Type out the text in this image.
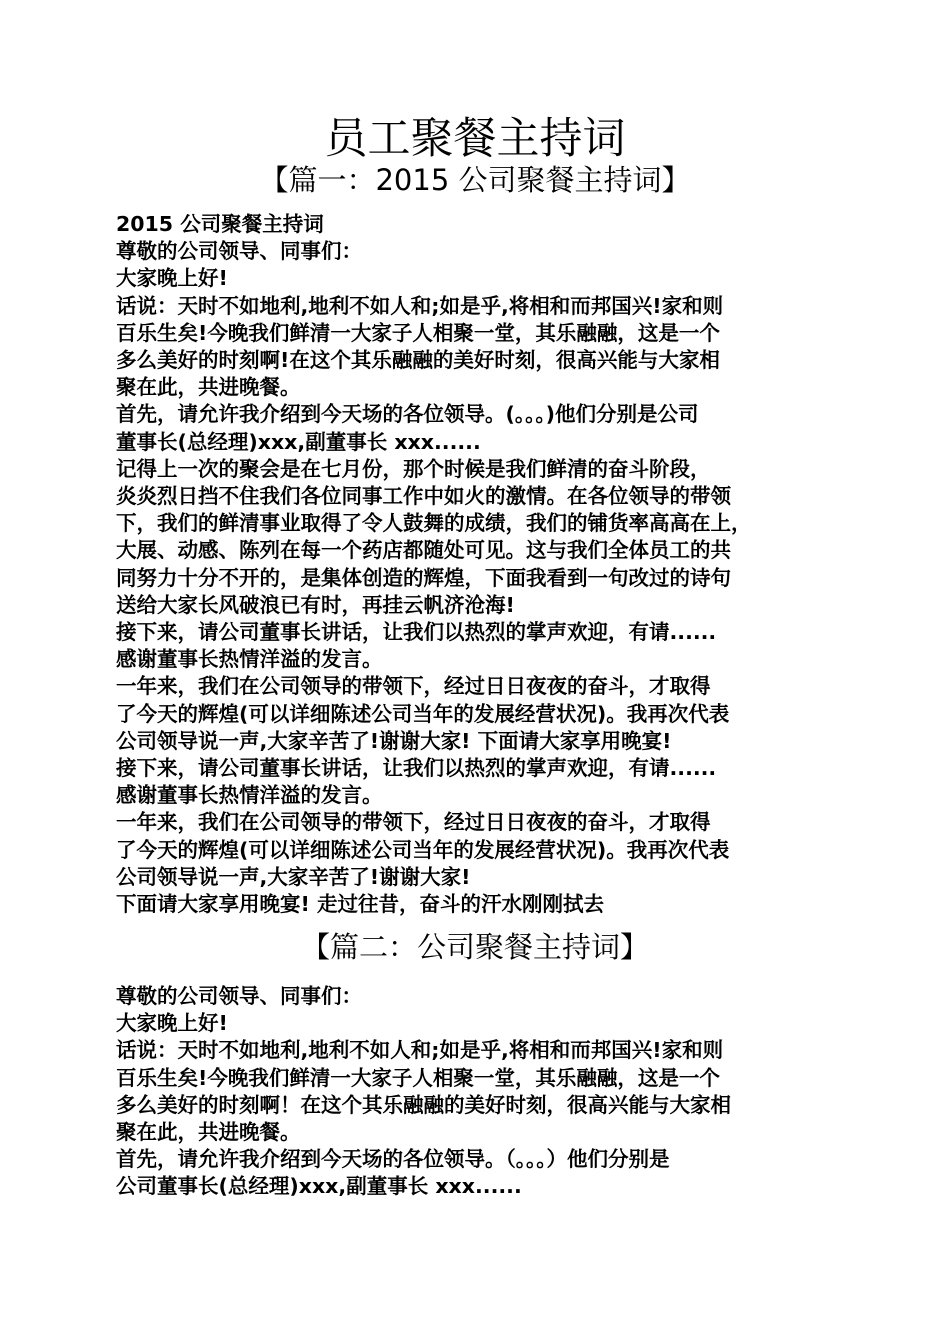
员工聚餐主持词
【篇一：2015 公司聚餐主持词】
2015 公司聚餐主持词
尊敬的公司领导、同事们：
大家晚上好!
话说：天时不如地利,地利不如人和;如是乎,将相和而邦国兴!家和则
百乐生矣!今晚我们鲜清一大家子人相聚一堂，其乐融融，这是一个
多么美好的时刻啊!在这个其乐融融的美好时刻，很高兴能与大家相
聚在此，共进晚餐。
首先，请允许我介绍到今天场的各位领导。(。。。)他们分别是公司
董事长(总经理)xxx,副董事长 xxx......
记得上一次的聚会是在七月份，那个时候是我们鲜清的奋斗阶段，
炎炎烈日挡不住我们各位同事工作中如火的激情。在各位领导的带领
下，我们的鲜清事业取得了令人鼓舞的成绩，我们的铺货率高高在上，
大展、动感、陈列在每一个药店都随处可见。这与我们全体员工的共
同努力十分不开的，是集体创造的辉煌，下面我看到一句改过的诗句
送给大家长风破浪已有时，再挂云帆济沧海!
接下来，请公司董事长讲话，让我们以热烈的掌声欢迎，有请......
感谢董事长热情洋溢的发言。
一年来，我们在公司领导的带领下，经过日日夜夜的奋斗，才取得
了今天的辉煌(可以详细陈述公司当年的发展经营状况)。我再次代表
公司领导说一声,大家辛苦了!谢谢大家! 下面请大家享用晚宴!
接下来，请公司董事长讲话，让我们以热烈的掌声欢迎，有请......
感谢董事长热情洋溢的发言。
一年来，我们在公司领导的带领下，经过日日夜夜的奋斗，才取得
了今天的辉煌(可以详细陈述公司当年的发展经营状况)。我再次代表
公司领导说一声,大家辛苦了!谢谢大家!
下面请大家享用晚宴! 走过往昔，奋斗的汗水刚刚拭去
【篇二：公司聚餐主持词】
尊敬的公司领导、同事们：
大家晚上好!
话说：天时不如地利,地利不如人和;如是乎,将相和而邦国兴!家和则
百乐生矣!今晚我们鲜清一大家子人相聚一堂，其乐融融，这是一个
多么美好的时刻啊！在这个其乐融融的美好时刻，很高兴能与大家相
聚在此，共进晚餐。
首先，请允许我介绍到今天场的各位领导。（。。。）他们分别是
公司董事长(总经理)xxx,副董事长 xxx......
